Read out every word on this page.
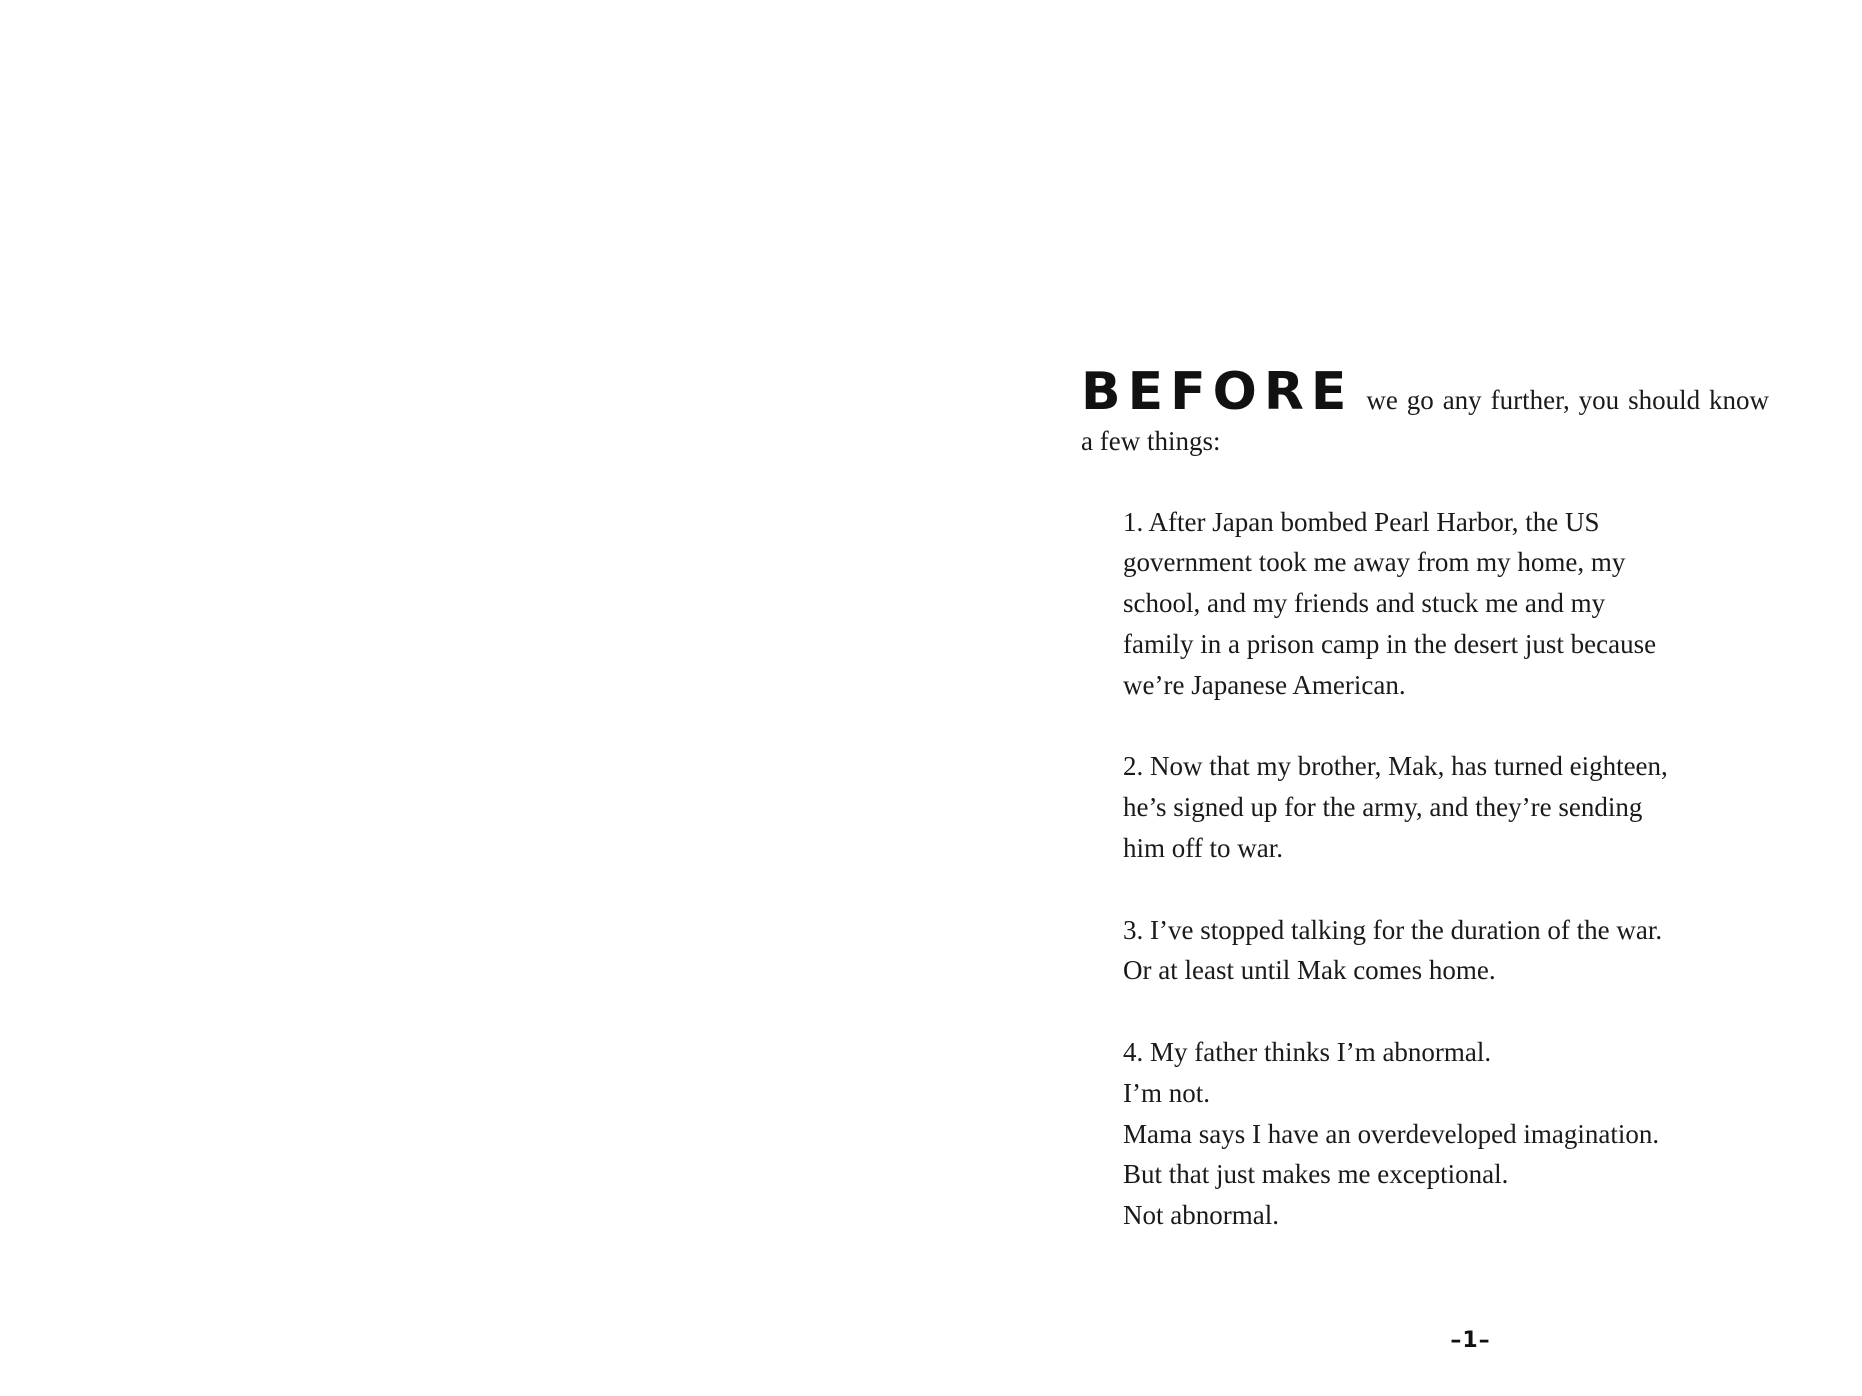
BEFORE we go any further, you should know a few things:

1. After Japan bombed Pearl Harbor, the US
government took me away from my home, my
school, and my friends and stuck me and my
family in a prison camp in the desert just because
we’re Japanese American.
2. Now that my brother, Mak, has turned eighteen,
he’s signed up for the army, and they’re sending
him off to war.
3. I’ve stopped talking for the duration of the war.
Or at least until Mak comes home.
4. My father thinks I’m abnormal.
I’m not.
Mama says I have an overdeveloped imagination.
But that just makes me exceptional.
Not abnormal.
–1–
